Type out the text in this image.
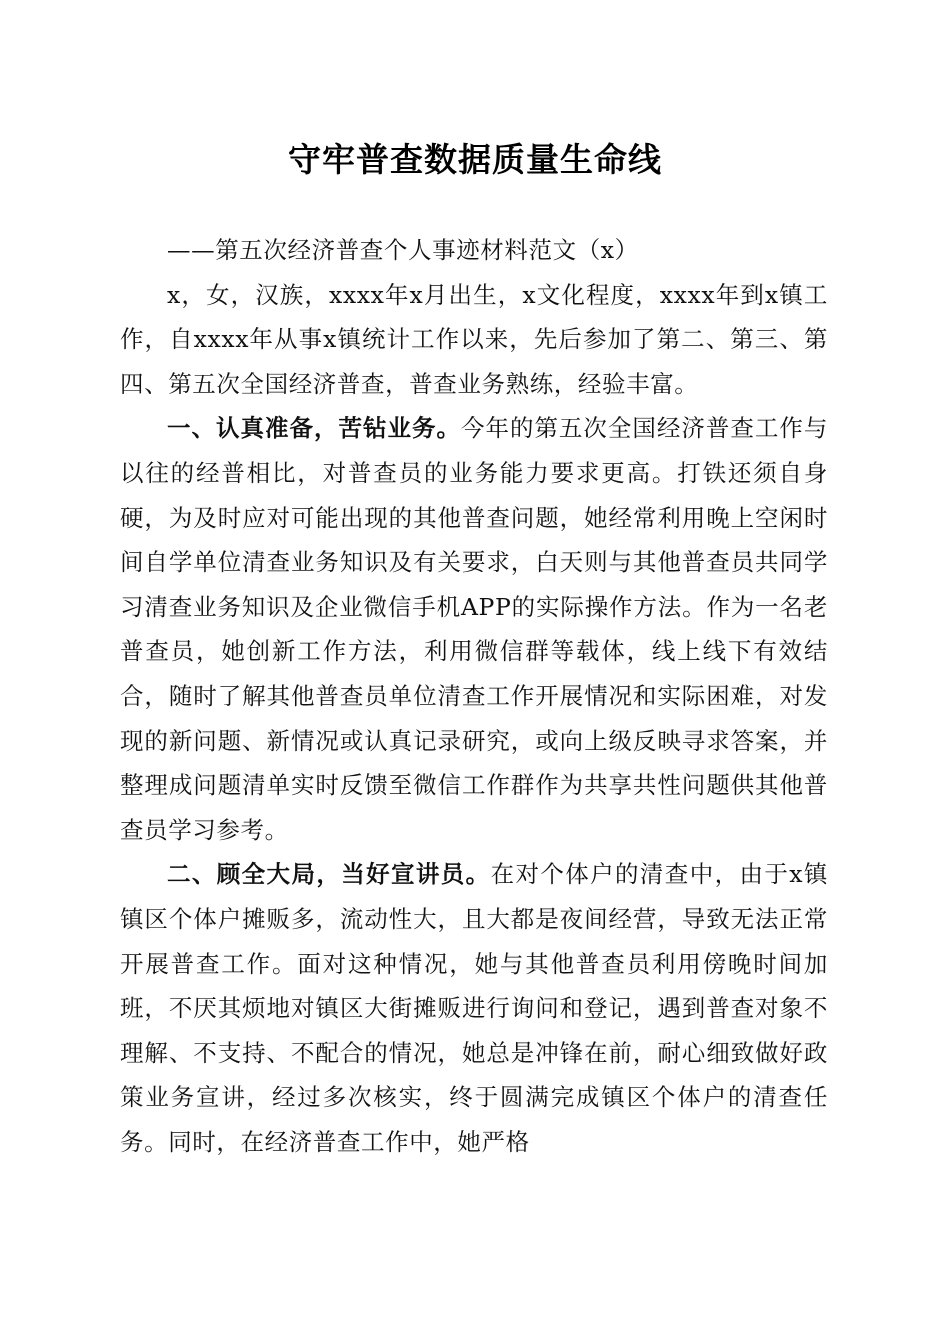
守牢普查数据质量生命线

——第五次经济普查个人事迹材料范文（x）

x，女，汉族，xxxx年x月出生，x文化程度，xxxx年到x镇工作，自xxxx年从事x镇统计工作以来，先后参加了第二、第三、第四、第五次全国经济普查，普查业务熟练，经验丰富。

一、认真准备，苦钻业务。今年的第五次全国经济普查工作与以往的经普相比，对普查员的业务能力要求更高。打铁还须自身硬，为及时应对可能出现的其他普查问题，她经常利用晚上空闲时间自学单位清查业务知识及有关要求，白天则与其他普查员共同学习清查业务知识及企业微信手机APP的实际操作方法。作为一名老普查员，她创新工作方法，利用微信群等载体，线上线下有效结合，随时了解其他普查员单位清查工作开展情况和实际困难，对发现的新问题、新情况或认真记录研究，或向上级反映寻求答案，并整理成问题清单实时反馈至微信工作群作为共享共性问题供其他普查员学习参考。

二、顾全大局，当好宣讲员。在对个体户的清查中，由于x镇镇区个体户摊贩多，流动性大，且大都是夜间经营，导致无法正常开展普查工作。面对这种情况，她与其他普查员利用傍晚时间加班，不厌其烦地对镇区大街摊贩进行询问和登记，遇到普查对象不理解、不支持、不配合的情况，她总是冲锋在前，耐心细致做好政策业务宣讲，经过多次核实，终于圆满完成镇区个体户的清查任务。同时，在经济普查工作中，她严格
